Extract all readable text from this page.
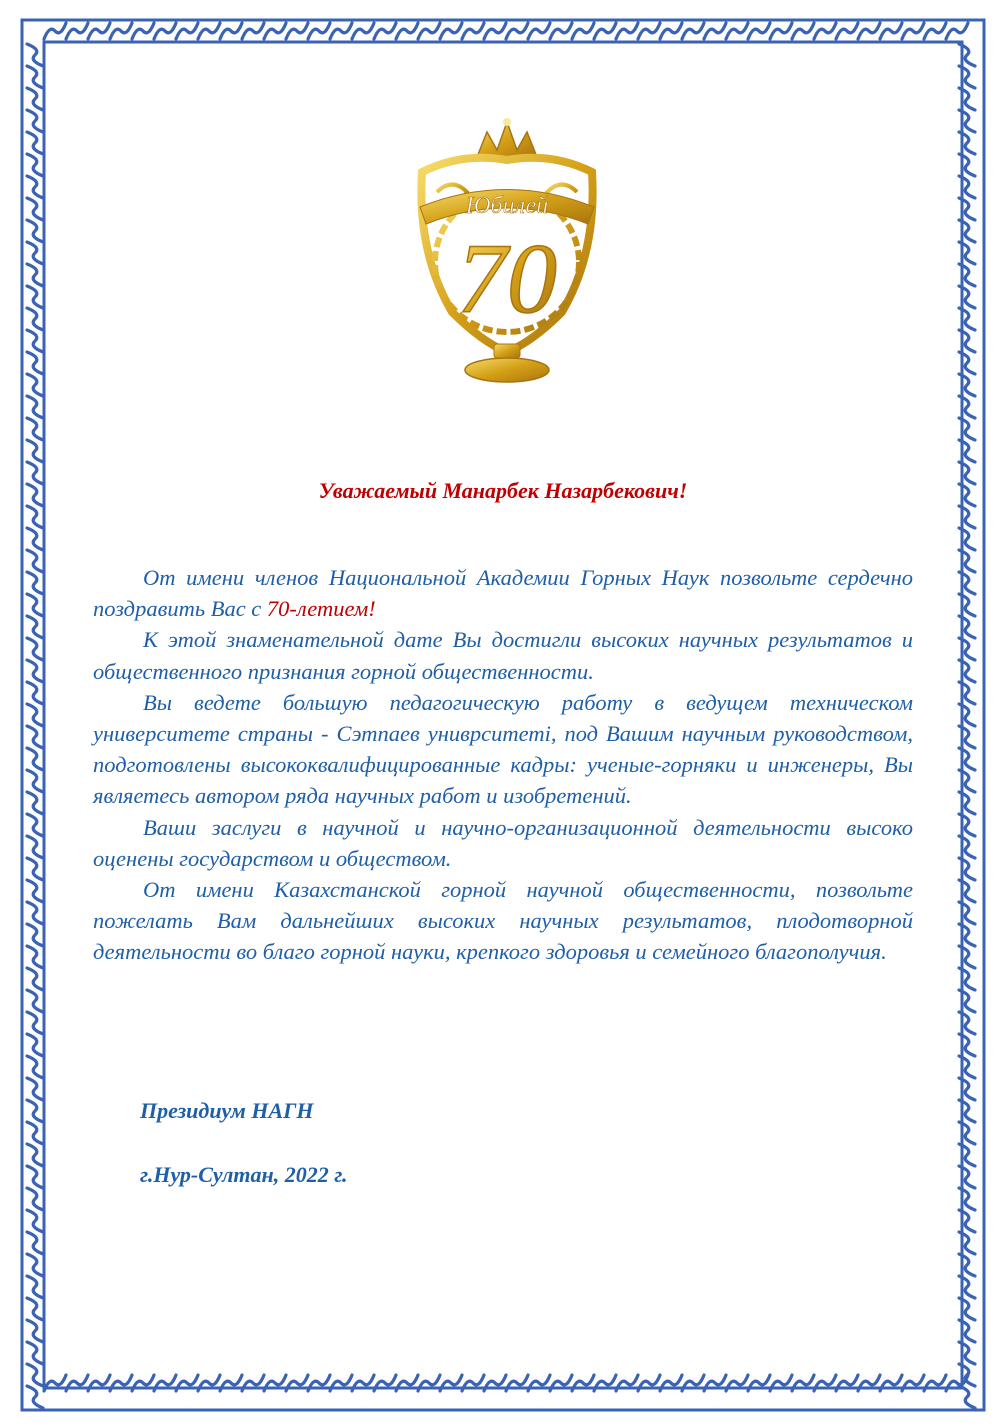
Юбилей
70
Уважаемый Манарбек Назарбекович!

От имени членов Национальной Академии Горных Наук позвольте сердечно поздравить Вас с 70-летием!

К этой знаменательной дате Вы достигли высоких научных результатов и общественного признания горной общественности.

Вы ведете большую педагогическую работу в ведущем техническом университете страны - Сэтпаев униврситеті, под Вашим научным руководством, подготовлены высококвалифицированные кадры: ученые-горняки и инженеры, Вы являетесь автором ряда научных работ и изобретений.

Ваши заслуги в научной и научно-организационной деятельности высоко оценены государством и обществом.

От имени Казахстанской горной научной общественности, позвольте пожелать Вам дальнейших высоких научных результатов, плодотворной деятельности во благо горной науки, крепкого здоровья и семейного благополучия.

Президиум НАГН
г.Нур-Султан, 2022 г.
